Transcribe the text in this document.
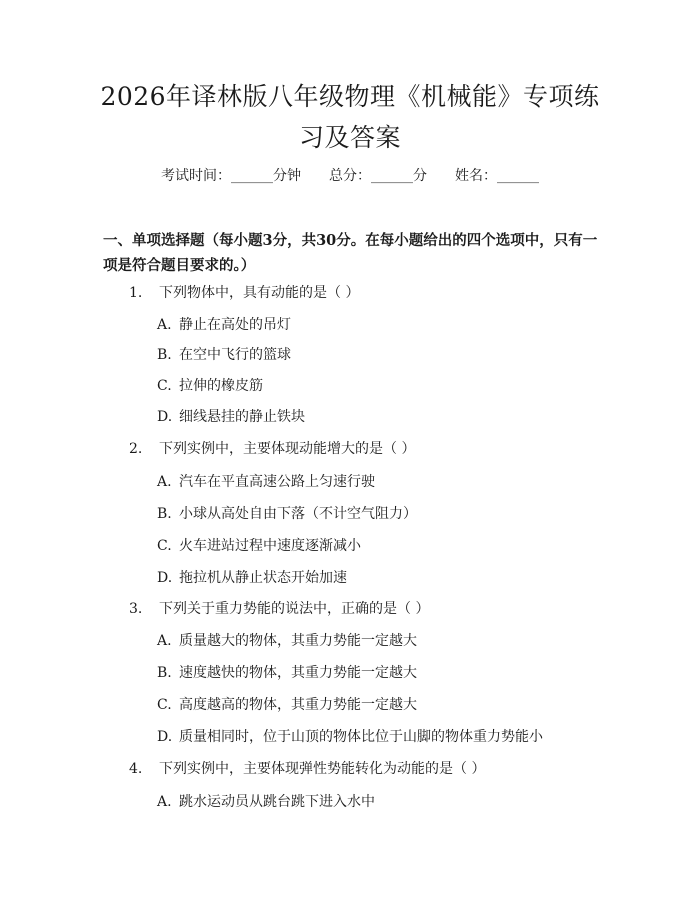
2026年译林版八年级物理《机械能》专项练
习及答案
考试时间：______分钟 总分：______分 姓名：______

一、单项选择题（每小题3分，共30分。在每小题给出的四个选项中，只有一项是符合题目要求的。）

1. 下列物体中，具有动能的是（ ）
A. 静止在高处的吊灯
B. 在空中飞行的篮球
C. 拉伸的橡皮筋
D. 细线悬挂的静止铁块
2. 下列实例中，主要体现动能增大的是（ ）
A. 汽车在平直高速公路上匀速行驶
B. 小球从高处自由下落（不计空气阻力）
C. 火车进站过程中速度逐渐减小
D. 拖拉机从静止状态开始加速
3. 下列关于重力势能的说法中，正确的是（ ）
A. 质量越大的物体，其重力势能一定越大
B. 速度越快的物体，其重力势能一定越大
C. 高度越高的物体，其重力势能一定越大
D. 质量相同时，位于山顶的物体比位于山脚的物体重力势能小
4. 下列实例中，主要体现弹性势能转化为动能的是（ ）
A. 跳水运动员从跳台跳下进入水中
